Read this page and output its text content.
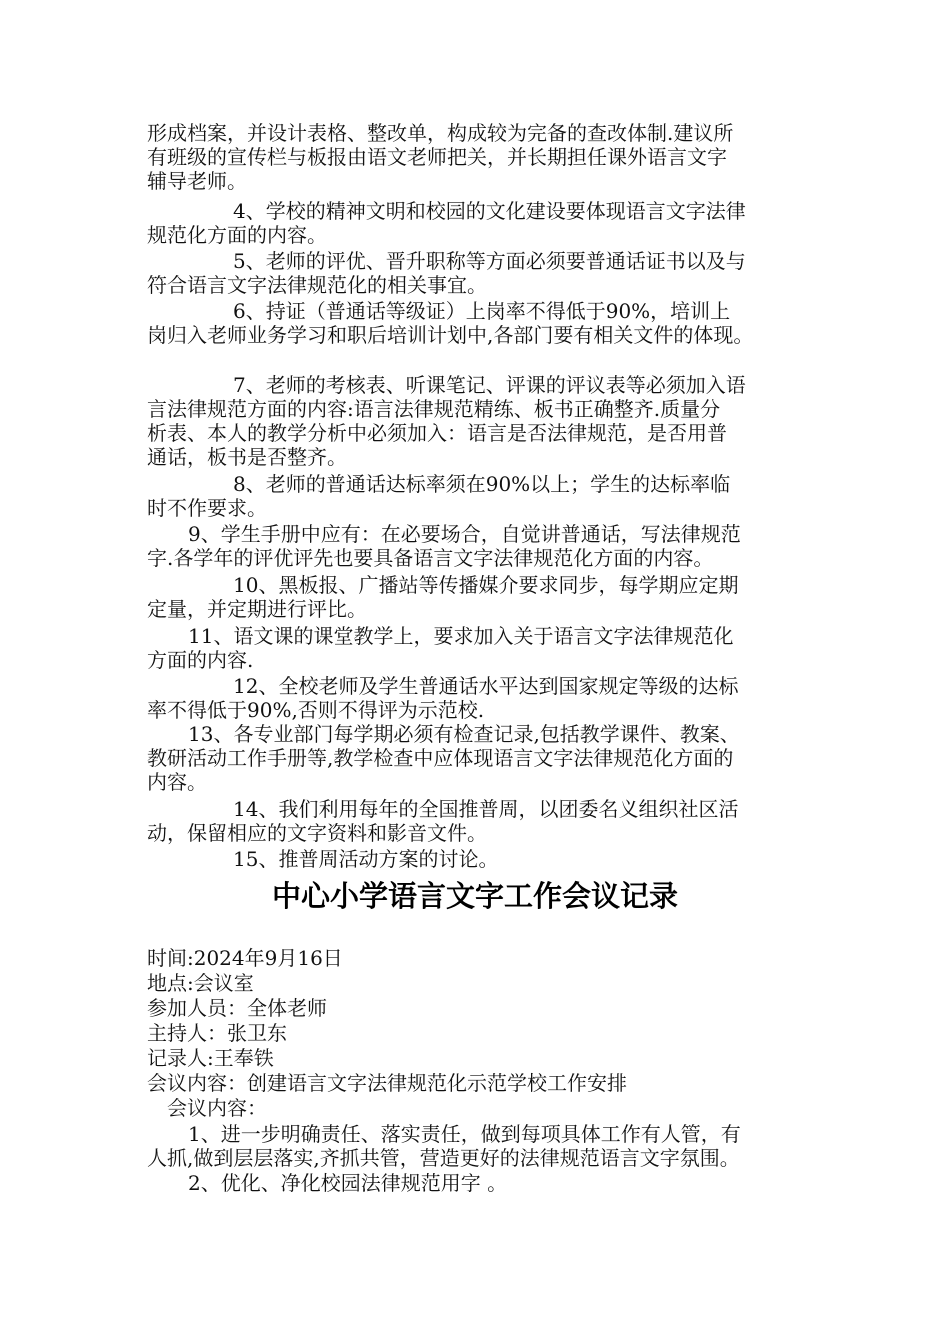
形成档案，并设计表格、整改单，构成较为完备的查改体制.建议所
有班级的宣传栏与板报由语文老师把关，并长期担任课外语言文字
辅导老师。
4、学校的精神文明和校园的文化建设要体现语言文字法律
规范化方面的内容。
5、老师的评优、晋升职称等方面必须要普通话证书以及与
符合语言文字法律规范化的相关事宜。
6、持证（普通话等级证）上岗率不得低于90%，培训上
岗归入老师业务学习和职后培训计划中,各部门要有相关文件的体现。
7、老师的考核表、听课笔记、评课的评议表等必须加入语
言法律规范方面的内容:语言法律规范精练、板书正确整齐.质量分
析表、本人的教学分析中必须加入：语言是否法律规范，是否用普
通话，板书是否整齐。
8、老师的普通话达标率须在90%以上；学生的达标率临
时不作要求。
9、学生手册中应有：在必要场合，自觉讲普通话，写法律规范
字.各学年的评优评先也要具备语言文字法律规范化方面的内容。
10、黑板报、广播站等传播媒介要求同步，每学期应定期
定量，并定期进行评比。
11、语文课的课堂教学上，要求加入关于语言文字法律规范化
方面的内容.
12、全校老师及学生普通话水平达到国家规定等级的达标
率不得低于90%,否则不得评为示范校.
13、各专业部门每学期必须有检查记录,包括教学课件、教案、
教研活动工作手册等,教学检查中应体现语言文字法律规范化方面的
内容。
14、我们利用每年的全国推普周，以团委名义组织社区活
动，保留相应的文字资料和影音文件。
15、推普周活动方案的讨论。
中心小学语言文字工作会议记录
时间:2024年9月16日
地点:会议室
参加人员：全体老师
主持人：张卫东
记录人:王奉铁
会议内容：创建语言文字法律规范化示范学校工作安排
会议内容：
1、进一步明确责任、落实责任，做到每项具体工作有人管，有
人抓,做到层层落实,齐抓共管，营造更好的法律规范语言文字氛围。
2、优化、净化校园法律规范用字 。
